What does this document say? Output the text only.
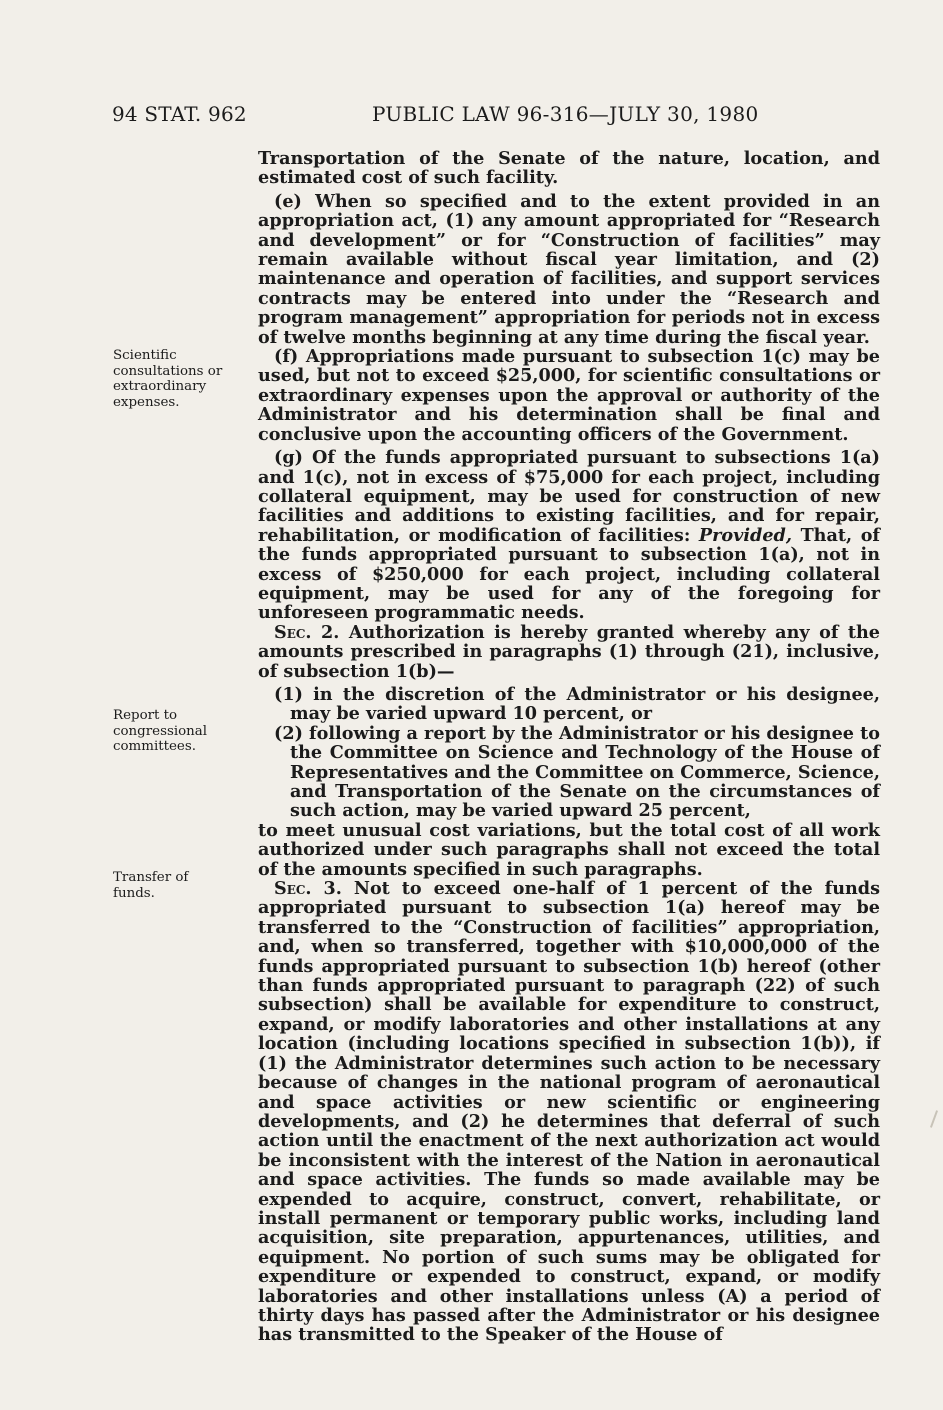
94 STAT. 962	PUBLIC LAW 96-316—JULY 30, 1980

Scientific

consultations or

extraordinary

expenses.

Report to

congressional

committees.

Transfer of

funds.

Transportation of the Senate of the nature, location, and estimated cost of such facility.

(e) When so specified and to the extent provided in an appropriation act, (1) any amount appropriated for “Research and development” or for “Construction of facilities” may remain available without fiscal year limitation, and (2) maintenance and operation of facilities, and support services contracts may be entered into under the “Research and program management” appropriation for periods not in excess of twelve months beginning at any time during the fiscal year.

(f) Appropriations made pursuant to subsection 1(c) may be used, but not to exceed $25,000, for scientific consultations or extraordinary expenses upon the approval or authority of the Administrator and his determination shall be final and conclusive upon the accounting officers of the Government.

(g) Of the funds appropriated pursuant to subsections 1(a) and 1(c), not in excess of $75,000 for each project, including collateral equipment, may be used for construction of new facilities and additions to existing facilities, and for repair, rehabilitation, or modification of facilities: Provided, That, of the funds appropriated pursuant to subsection 1(a), not in excess of $250,000 for each project, including collateral equipment, may be used for any of the foregoing for unforeseen programmatic needs.

Sec. 2. Authorization is hereby granted whereby any of the amounts prescribed in paragraphs (1) through (21), inclusive, of subsection 1(b)—

(1) in the discretion of the Administrator or his designee, may be varied upward 10 percent, or

(2) following a report by the Administrator or his designee to the Committee on Science and Technology of the House of Representatives and the Committee on Commerce, Science, and Transportation of the Senate on the circumstances of such action, may be varied upward 25 percent,

to meet unusual cost variations, but the total cost of all work authorized under such paragraphs shall not exceed the total of the amounts specified in such paragraphs.

Sec. 3. Not to exceed one-half of 1 percent of the funds appropriated pursuant to subsection 1(a) hereof may be transferred to the “Construction of facilities” appropriation, and, when so transferred, together with $10,000,000 of the funds appropriated pursuant to subsection 1(b) hereof (other than funds appropriated pursuant to paragraph (22) of such subsection) shall be available for expenditure to construct, expand, or modify laboratories and other installations at any location (including locations specified in subsection 1(b)), if (1) the Administrator determines such action to be necessary because of changes in the national program of aeronautical and space activities or new scientific or engineering developments, and (2) he determines that deferral of such action until the enactment of the next authorization act would be inconsistent with the interest of the Nation in aeronautical and space activities. The funds so made available may be expended to acquire, construct, convert, rehabilitate, or install permanent or temporary public works, including land acquisition, site preparation, appurtenances, utilities, and equipment. No portion of such sums may be obligated for expenditure or expended to construct, expand, or modify laboratories and other installations unless (A) a period of thirty days has passed after the Administrator or his designee has transmitted to the Speaker of the House of
